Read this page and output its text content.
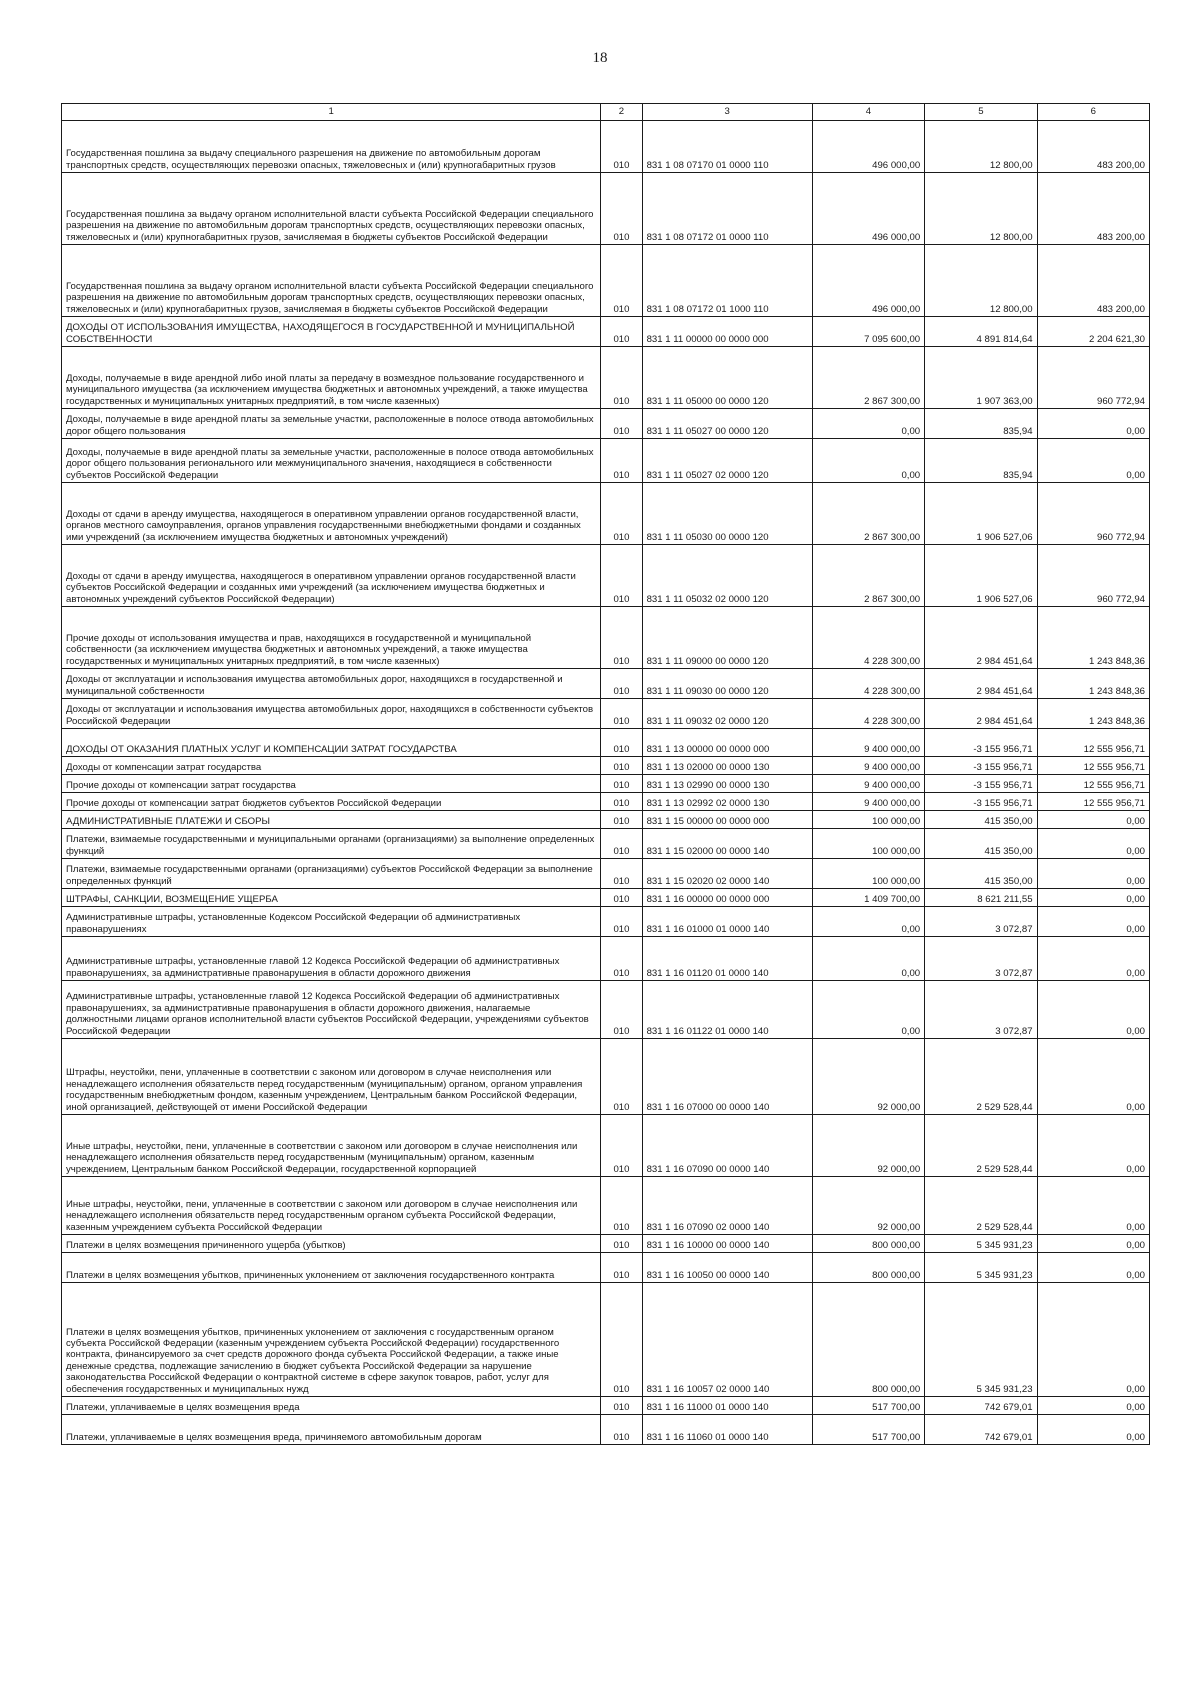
18
1	2	3	4	5	6
Государственная пошлина за выдачу специального разрешения на движение по автомобильным дорогам транспортных средств, осуществляющих перевозки опасных, тяжеловесных и (или) крупногабаритных грузов	010	831 1 08 07170 01 0000 110	496 000,00	12 800,00	483 200,00
Государственная пошлина за выдачу органом исполнительной власти субъекта Российской Федерации специального разрешения на движение по автомобильным дорогам транспортных средств, осуществляющих перевозки опасных, тяжеловесных и (или) крупногабаритных грузов, зачисляемая в бюджеты субъектов Российской Федерации	010	831 1 08 07172 01 0000 110	496 000,00	12 800,00	483 200,00
Государственная пошлина за выдачу органом исполнительной власти субъекта Российской Федерации специального разрешения на движение по автомобильным дорогам транспортных средств, осуществляющих перевозки опасных, тяжеловесных и (или) крупногабаритных грузов, зачисляемая в бюджеты субъектов Российской Федерации	010	831 1 08 07172 01 1000 110	496 000,00	12 800,00	483 200,00
ДОХОДЫ ОТ ИСПОЛЬЗОВАНИЯ ИМУЩЕСТВА, НАХОДЯЩЕГОСЯ В ГОСУДАРСТВЕННОЙ И МУНИЦИПАЛЬНОЙ СОБСТВЕННОСТИ	010	831 1 11 00000 00 0000 000	7 095 600,00	4 891 814,64	2 204 621,30
Доходы, получаемые в виде арендной либо иной платы за передачу в возмездное пользование государственного и муниципального имущества (за исключением имущества бюджетных и автономных учреждений, а также имущества государственных и муниципальных унитарных предприятий, в том числе казенных)	010	831 1 11 05000 00 0000 120	2 867 300,00	1 907 363,00	960 772,94
Доходы, получаемые в виде арендной платы за земельные участки, расположенные в полосе отвода автомобильных дорог общего пользования	010	831 1 11 05027 00 0000 120	0,00	835,94	0,00
Доходы, получаемые в виде арендной платы за земельные участки, расположенные в полосе отвода автомобильных дорог общего пользования регионального или межмуниципального значения, находящиеся в собственности субъектов Российской Федерации	010	831 1 11 05027 02 0000 120	0,00	835,94	0,00
Доходы от сдачи в аренду имущества, находящегося в оперативном управлении органов государственной власти, органов местного самоуправления, органов управления государственными внебюджетными фондами и созданных ими учреждений (за исключением имущества бюджетных и автономных учреждений)	010	831 1 11 05030 00 0000 120	2 867 300,00	1 906 527,06	960 772,94
Доходы от сдачи в аренду имущества, находящегося в оперативном управлении органов государственной власти субъектов Российской Федерации и созданных ими учреждений (за исключением имущества бюджетных и автономных учреждений субъектов Российской Федерации)	010	831 1 11 05032 02 0000 120	2 867 300,00	1 906 527,06	960 772,94
Прочие доходы от использования имущества и прав, находящихся в государственной и муниципальной собственности (за исключением имущества бюджетных и автономных учреждений, а также имущества государственных и муниципальных унитарных предприятий, в том числе казенных)	010	831 1 11 09000 00 0000 120	4 228 300,00	2 984 451,64	1 243 848,36
Доходы от эксплуатации и использования имущества автомобильных дорог, находящихся в государственной и муниципальной собственности	010	831 1 11 09030 00 0000 120	4 228 300,00	2 984 451,64	1 243 848,36
Доходы от эксплуатации и использования имущества автомобильных дорог, находящихся в собственности субъектов Российской Федерации	010	831 1 11 09032 02 0000 120	4 228 300,00	2 984 451,64	1 243 848,36
ДОХОДЫ ОТ ОКАЗАНИЯ ПЛАТНЫХ УСЛУГ И КОМПЕНСАЦИИ ЗАТРАТ ГОСУДАРСТВА	010	831 1 13 00000 00 0000 000	9 400 000,00	-3 155 956,71	12 555 956,71
Доходы от компенсации затрат государства	010	831 1 13 02000 00 0000 130	9 400 000,00	-3 155 956,71	12 555 956,71
Прочие доходы от компенсации затрат государства	010	831 1 13 02990 00 0000 130	9 400 000,00	-3 155 956,71	12 555 956,71
Прочие доходы от компенсации затрат бюджетов субъектов Российской Федерации	010	831 1 13 02992 02 0000 130	9 400 000,00	-3 155 956,71	12 555 956,71
АДМИНИСТРАТИВНЫЕ ПЛАТЕЖИ И СБОРЫ	010	831 1 15 00000 00 0000 000	100 000,00	415 350,00	0,00
Платежи, взимаемые государственными и муниципальными органами (организациями) за выполнение определенных функций	010	831 1 15 02000 00 0000 140	100 000,00	415 350,00	0,00
Платежи, взимаемые государственными органами (организациями) субъектов Российской Федерации за выполнение определенных функций	010	831 1 15 02020 02 0000 140	100 000,00	415 350,00	0,00
ШТРАФЫ, САНКЦИИ, ВОЗМЕЩЕНИЕ УЩЕРБА	010	831 1 16 00000 00 0000 000	1 409 700,00	8 621 211,55	0,00
Административные штрафы, установленные Кодексом Российской Федерации об административных правонарушениях	010	831 1 16 01000 01 0000 140	0,00	3 072,87	0,00
Административные штрафы, установленные главой 12 Кодекса Российской Федерации об административных правонарушениях, за административные правонарушения в области дорожного движения	010	831 1 16 01120 01 0000 140	0,00	3 072,87	0,00
Административные штрафы, установленные главой 12 Кодекса Российской Федерации об административных правонарушениях, за административные правонарушения в области дорожного движения, налагаемые должностными лицами органов исполнительной власти субъектов Российской Федерации, учреждениями субъектов Российской Федерации	010	831 1 16 01122 01 0000 140	0,00	3 072,87	0,00
Штрафы, неустойки, пени, уплаченные в соответствии с законом или договором в случае неисполнения или ненадлежащего исполнения обязательств перед государственным (муниципальным) органом, органом управления государственным внебюджетным фондом, казенным учреждением, Центральным банком Российской Федерации, иной организацией, действующей от имени Российской Федерации	010	831 1 16 07000 00 0000 140	92 000,00	2 529 528,44	0,00
Иные штрафы, неустойки, пени, уплаченные в соответствии с законом или договором в случае неисполнения или ненадлежащего исполнения обязательств перед государственным (муниципальным) органом, казенным учреждением, Центральным банком Российской Федерации, государственной корпорацией	010	831 1 16 07090 00 0000 140	92 000,00	2 529 528,44	0,00
Иные штрафы, неустойки, пени, уплаченные в соответствии с законом или договором в случае неисполнения или ненадлежащего исполнения обязательств перед государственным органом субъекта Российской Федерации, казенным учреждением субъекта Российской Федерации	010	831 1 16 07090 02 0000 140	92 000,00	2 529 528,44	0,00
Платежи в целях возмещения причиненного ущерба (убытков)	010	831 1 16 10000 00 0000 140	800 000,00	5 345 931,23	0,00
Платежи в целях возмещения убытков, причиненных уклонением от заключения государственного контракта	010	831 1 16 10050 00 0000 140	800 000,00	5 345 931,23	0,00
Платежи в целях возмещения убытков, причиненных уклонением от заключения с государственным органом субъекта Российской Федерации (казенным учреждением субъекта Российской Федерации) государственного контракта, финансируемого за счет средств дорожного фонда субъекта Российской Федерации, а также иные денежные средства, подлежащие зачислению в бюджет субъекта Российской Федерации за нарушение законодательства Российской Федерации о контрактной системе в сфере закупок товаров, работ, услуг для обеспечения государственных и муниципальных нужд	010	831 1 16 10057 02 0000 140	800 000,00	5 345 931,23	0,00
Платежи, уплачиваемые в целях возмещения вреда	010	831 1 16 11000 01 0000 140	517 700,00	742 679,01	0,00
Платежи, уплачиваемые в целях возмещения вреда, причиняемого автомобильным дорогам	010	831 1 16 11060 01 0000 140	517 700,00	742 679,01	0,00
